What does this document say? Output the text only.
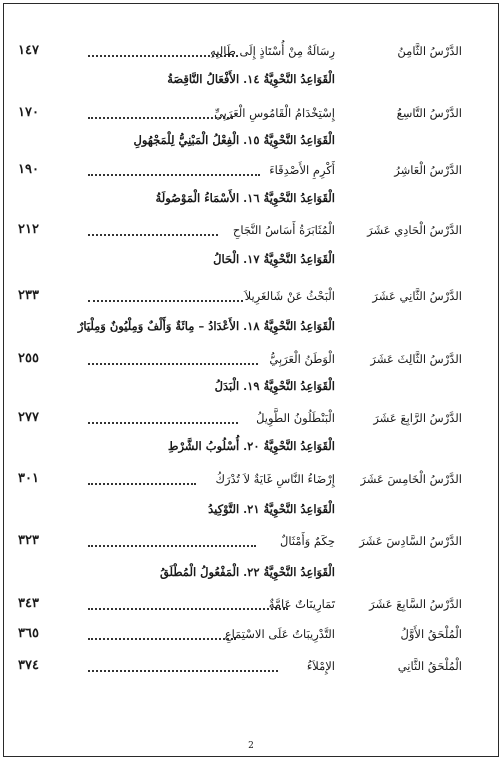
الدَّرْسُ الثَّامِنُ
رِسَالَةٌ مِنْ أُسْتَاذٍ إِلَى طَالِبِهِ
١٤٧
الْقَوَاعِدُ النَّحْوِيَّةُ ١٤. الأَفْعَالُ النَّاقِصَةُ
الدَّرْسُ التَّاسِعُ
إِسْتِخْدَامُ الْقَامُوسِ الْعَرَبِيِّ
١٧٠
الْقَوَاعِدُ النَّحْوِيَّةُ ١٥. الْفِعْلُ الْمَبْنِيُّ لِلْمَجْهُولِ
الدَّرْسُ الْعَاشِرُ
أَكْرِمِ الأَصْدِقَاءَ
١٩٠
الْقَوَاعِدُ النَّحْوِيَّةُ ١٦. الأَسْمَاءُ الْمَوْصُولَةُ
الدَّرْسُ الْحَادِي عَشَرَ
الْمُثَابَرَةُ أَسَاسُ النَّجَاحِ
٢١٢
الْقَوَاعِدُ النَّحْوِيَّةُ ١٧. الْحَالُ
الدَّرْسُ الثَّانِي عَشَرَ
الْبَحْثُ عَنْ شَالغَرِيلاَ
٢٣٣
الْقَوَاعِدُ النَّحْوِيَّةُ ١٨. الأَعْدَادُ – مِائَةٌ وَأَلْفٌ وَمِلْيُونٌ وَمِلْيَارٌ
الدَّرْسُ الثَّالِثَ عَشَرَ
الْوَطَنُ الْعَرَبِيُّ
٢٥٥
الْقَوَاعِدُ النَّحْوِيَّةُ ١٩. الْبَدَلُ
الدَّرْسُ الرَّابِعَ عَشَرَ
الْبَنْطَلُونُ الطَّوِيلُ
٢٧٧
الْقَوَاعِدُ النَّحْوِيَّةُ ٢٠. أُسْلُوبُ الشَّرْطِ
الدَّرْسُ الْخَامِسَ عَشَرَ
إِرْضَاءُ النَّاسِ غَايَةٌ لاَ تُدْرَكُ
٣٠١
الْقَوَاعِدُ النَّحْوِيَّةُ ٢١. التَّوْكِيدُ
الدَّرْسُ السَّادِسَ عَشَرَ
حِكَمٌ وَأَمْثَالٌ
٣٢٣
الْقَوَاعِدُ النَّحْوِيَّةُ ٢٢. الْمَفْعُولُ الْمُطْلَقُ
الدَّرْسُ السَّابِعَ عَشَرَ
تَمَارِينَاتٌ عَامَّةٌ
٣٤٣
الْمُلْحَقُ الأَوَّلُ
التَّدْرِيبَاتُ عَلَى الاسْتِمَاعِ
٣٦٥
الْمُلْحَقُ الثَّانِي
الإِمْلاَءُ
٣٧٤
2
